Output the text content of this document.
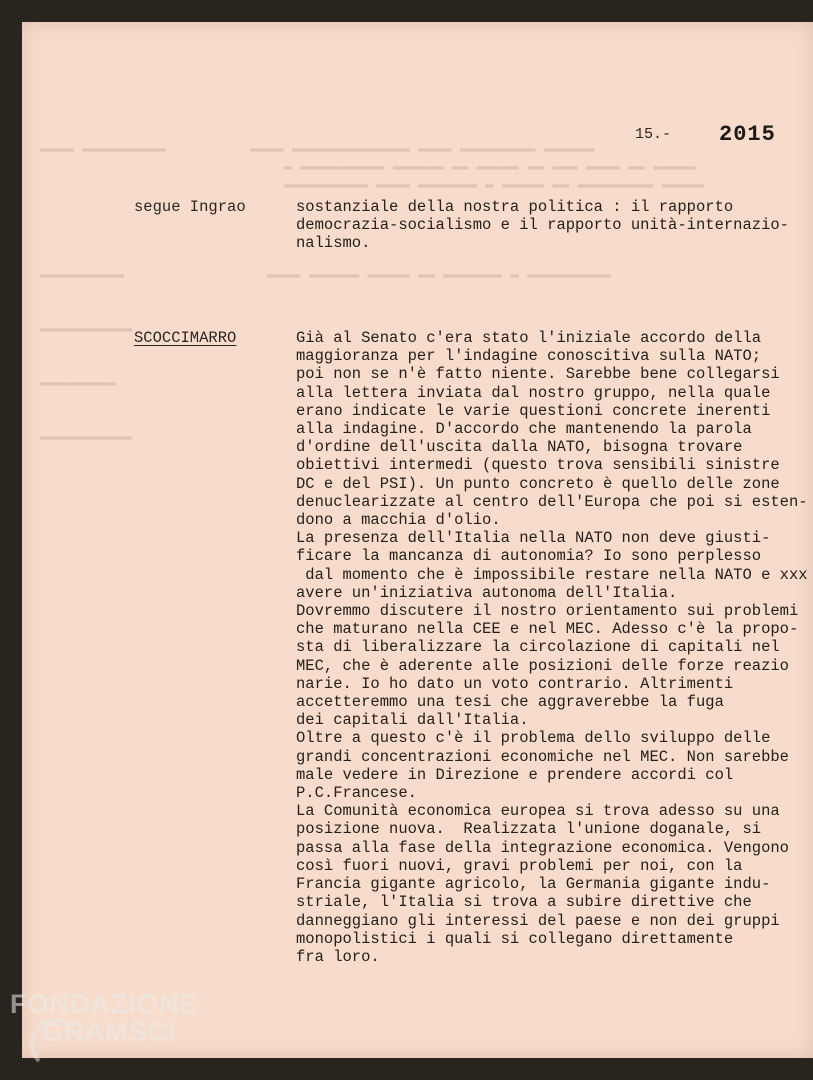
▬▬▬▬ ▬▬▬▬▬▬▬▬▬▬          ▬▬▬▬ ▬▬▬▬▬▬▬▬▬▬▬▬▬▬ ▬▬▬▬ ▬▬▬▬▬▬▬▬▬ ▬▬▬▬▬▬
▬ ▬▬▬▬▬▬▬▬▬▬ ▬▬▬▬▬▬ ▬▬ ▬▬▬▬▬ ▬▬ ▬▬▬ ▬▬▬▬ ▬▬ ▬▬▬▬▬
▬▬▬▬▬▬▬▬▬▬ ▬▬▬▬ ▬▬▬▬▬▬▬ ▬ ▬▬▬▬▬ ▬▬ ▬▬▬▬▬▬▬▬▬ ▬▬▬▬▬

▬▬▬▬▬▬▬▬▬▬                 ▬▬▬▬ ▬▬▬▬▬▬ ▬▬▬▬▬ ▬▬ ▬▬▬▬▬▬▬ ▬ ▬▬▬▬▬▬▬▬▬▬

▬▬▬▬▬▬▬▬▬▬▬

▬▬▬▬▬▬▬▬▬

▬▬▬▬▬▬▬▬▬▬▬
15.- 2015
segue Ingrao	sostanziale della nostra politica : il rapporto
democrazia-socialismo e il rapporto unità-internazio-
nalismo.
SCOCCIMARRO	Già al Senato c'era stato l'iniziale accordo della
maggioranza per l'indagine conoscitiva sulla NATO;
poi non se n'è fatto niente. Sarebbe bene collegarsi
alla lettera inviata dal nostro gruppo, nella quale
erano indicate le varie questioni concrete inerenti
alla indagine. D'accordo che mantenendo la parola
d'ordine dell'uscita dalla NATO, bisogna trovare
obiettivi intermedi (questo trova sensibili sinistre
DC e del PSI). Un punto concreto è quello delle zone
denuclearizzate al centro dell'Europa che poi si esten-
dono a macchia d'olio.
La presenza dell'Italia nella NATO non deve giusti-
ficare la mancanza di autonomia? Io sono perplesso
dal momento che è impossibile restare nella NATO e xxx
avere un'iniziativa autonoma dell'Italia.
Dovremmo discutere il nostro orientamento sui problemi
che maturano nella CEE e nel MEC. Adesso c'è la propo-
sta di liberalizzare la circolazione di capitali nel
MEC, che è aderente alle posizioni delle forze reazio
narie. Io ho dato un voto contrario. Altrimenti
accetteremmo una tesi che aggraverebbe la fuga
dei capitali dall'Italia.
Oltre a questo c'è il problema dello sviluppo delle
grandi concentrazioni economiche nel MEC. Non sarebbe
male vedere in Direzione e prendere accordi col
P.C.Francese.
La Comunità economica europea si trova adesso su una
posizione nuova.  Realizzata l'unione doganale, si
passa alla fase della integrazione economica. Vengono
così fuori nuovi, gravi problemi per noi, con la
Francia gigante agricolo, la Germania gigante indu-
striale, l'Italia si trova a subire direttive che
danneggiano gli interessi del paese e non dei gruppi
monopolistici i quali si collegano direttamente
fra loro.
FONDAZIONE
GRAMSCI
